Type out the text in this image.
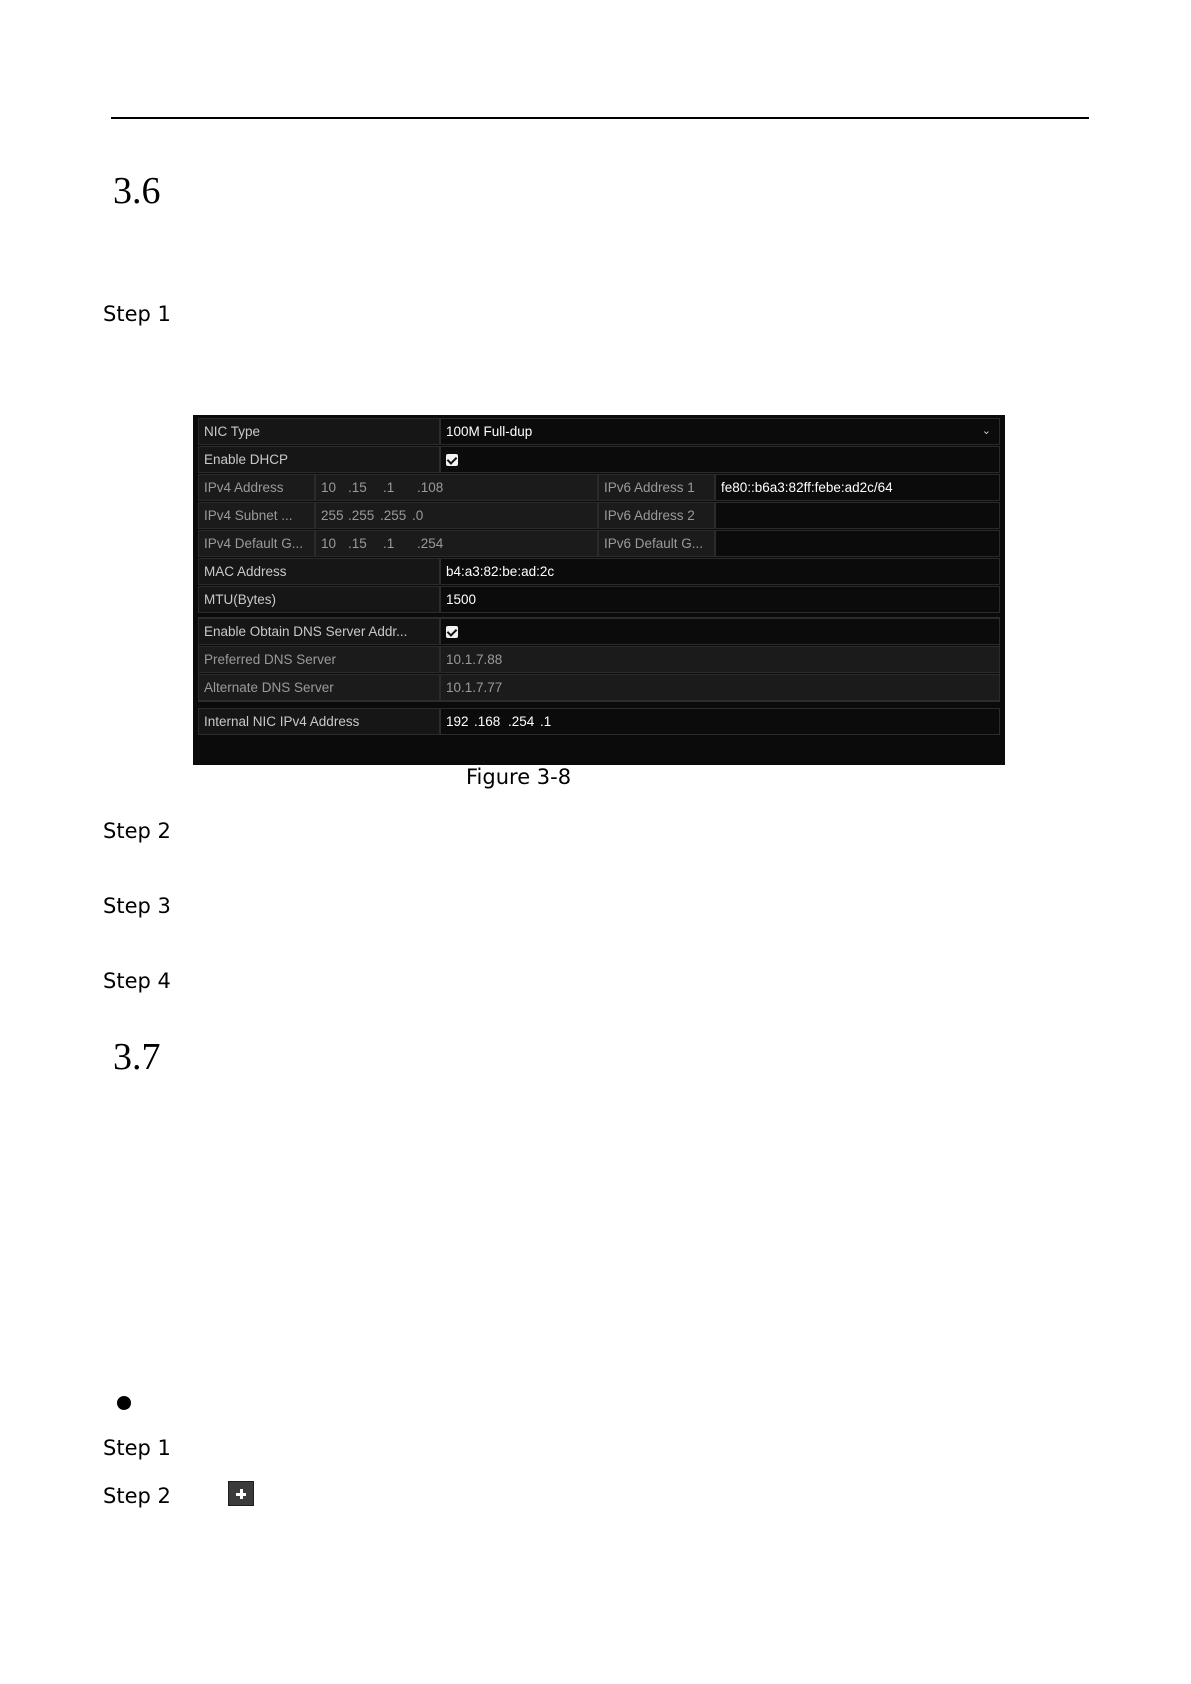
3.6
Step 1
NIC Type	100M Full-dup	⌄
Enable DHCP
IPv4 Address	10 .15 .1 .108	IPv6 Address 1	fe80::b6a3:82ff:febe:ad2c/64
IPv4 Subnet ...	255 .255 .255 .0	IPv6 Address 2
IPv4 Default G...	10 .15 .1 .254	IPv6 Default G...
MAC Address	b4:a3:82:be:ad:2c
MTU(Bytes)	1500
Enable Obtain DNS Server Addr...
Preferred DNS Server	10.1.7.88
Alternate DNS Server	10.1.7.77
Internal NIC IPv4 Address	192 .168 .254 .1
Figure 3-8
Step 2
Step 3
Step 4
3.7
Step 1
Step 2
